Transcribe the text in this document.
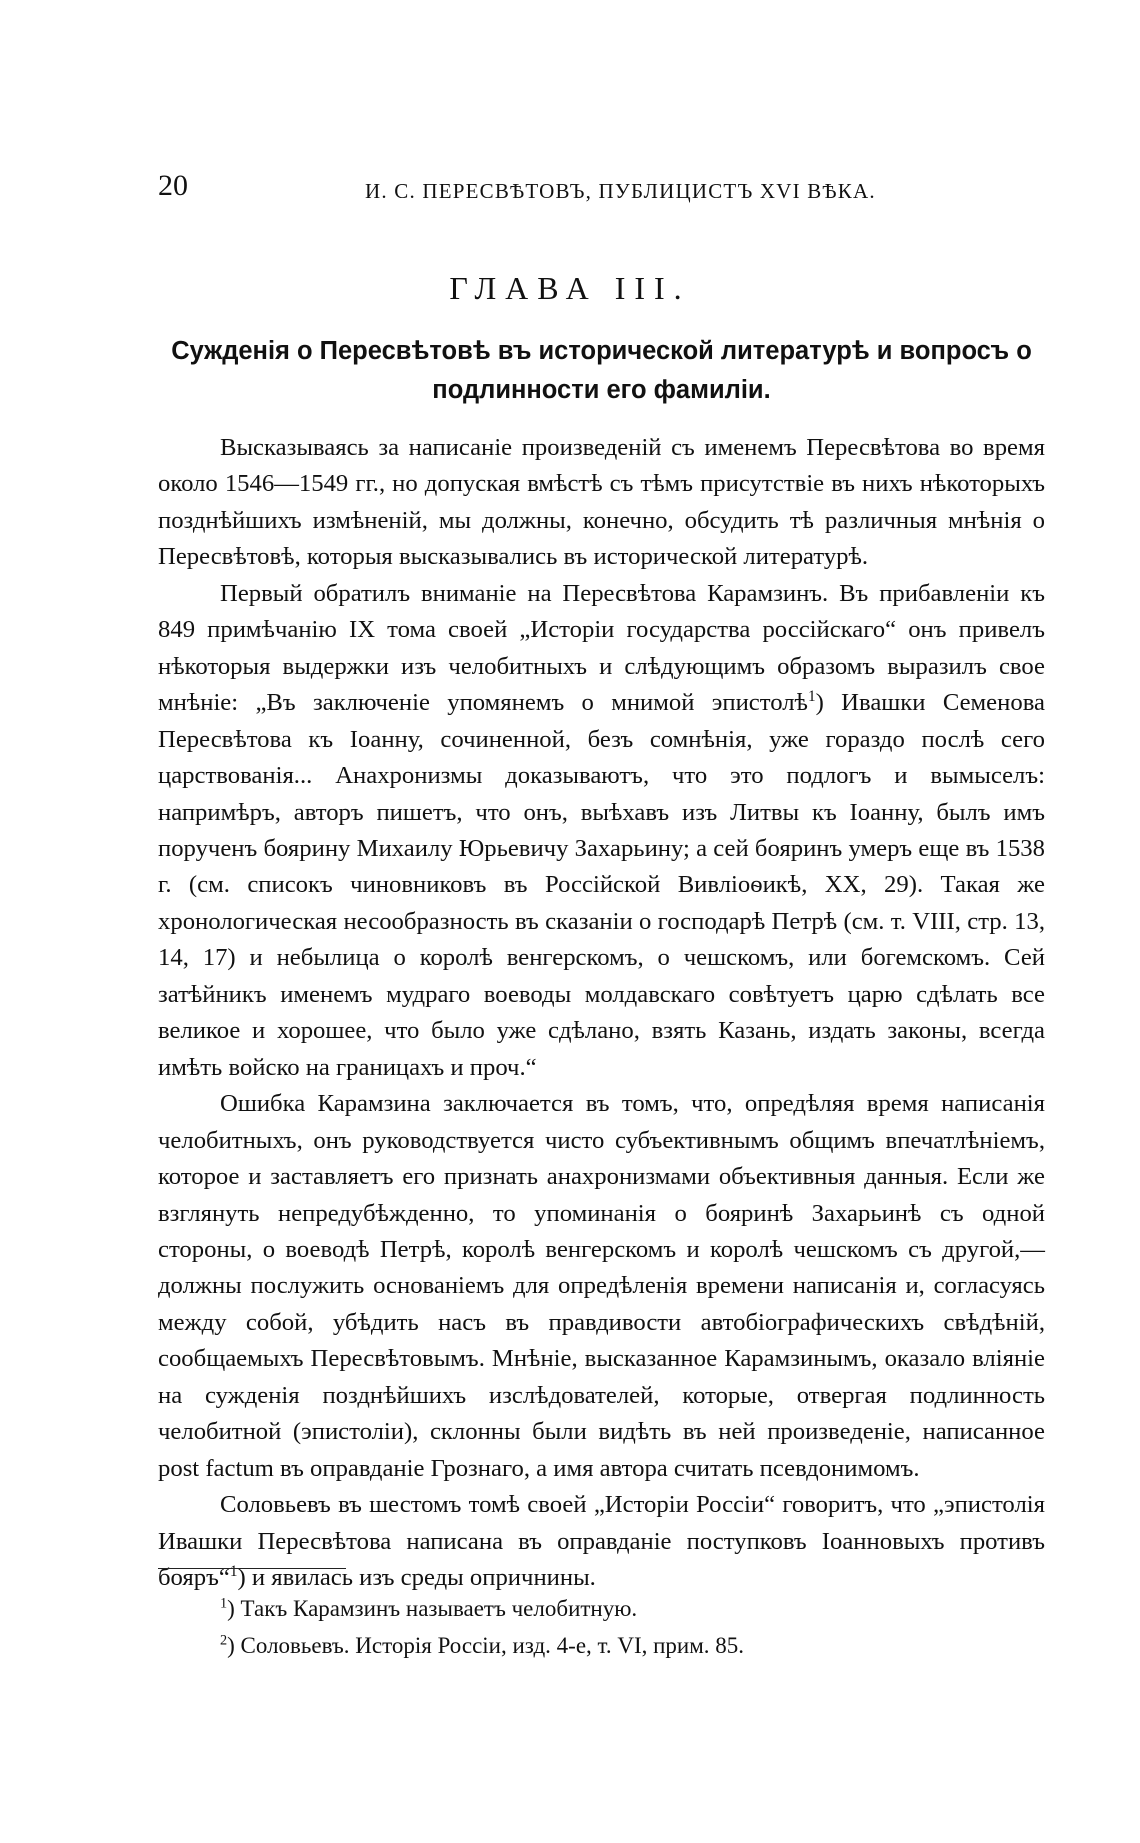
20	И. С. ПЕРЕСВѢТОВЪ, ПУБЛИЦИСТЪ XVI ВѢКА.
ГЛАВА III.
Сужденія о Пересвѣтовѣ въ исторической литературѣ и вопросъ о
подлинности его фамиліи.

Высказываясь за написаніе произведеній съ именемъ Пересвѣтова во время около 1546—1549 гг., но допуская вмѣстѣ съ тѣмъ присутствіе въ нихъ нѣкоторыхъ позднѣйшихъ измѣненій, мы должны, конечно, обсудить тѣ различныя мнѣнія о Пересвѣтовѣ, которыя высказывались въ исторической литературѣ.

Первый обратилъ вниманіе на Пересвѣтова Карамзинъ. Въ прибавленіи къ 849 примѣчанію IX тома своей „Исторіи государства россійскаго“ онъ привелъ нѣкоторыя выдержки изъ челобитныхъ и слѣдующимъ образомъ выразилъ свое мнѣніе: „Въ заключеніе упомянемъ о мнимой эпистолѣ$^1$) Ивашки Семенова Пересвѣтова къ Іоанну, сочиненной, безъ сомнѣнія, уже гораздо послѣ сего царствованія... Анахронизмы доказываютъ, что это подлогъ и вымыселъ: напримѣръ, авторъ пишетъ, что онъ, выѣхавъ изъ Литвы къ Іоанну, былъ имъ порученъ боярину Михаилу Юрьевичу Захарьину; а сей бояринъ умеръ еще въ 1538 г. (см. списокъ чиновниковъ въ Россійской Вивліоѳикѣ, XX, 29). Такая же хронологическая несообразность въ сказаніи о господарѣ Петрѣ (см. т. VIII, стр. 13, 14, 17) и небылица о королѣ венгерскомъ, о чешскомъ, или богемскомъ. Сей затѣйникъ именемъ мудраго воеводы молдавскаго совѣтуетъ царю сдѣлать все великое и хорошее, что было уже сдѣлано, взять Казань, издать законы, всегда имѣть войско на границахъ и проч.“

Ошибка Карамзина заключается въ томъ, что, опредѣляя время написанія челобитныхъ, онъ руководствуется чисто субъективнымъ общимъ впечатлѣніемъ, которое и заставляетъ его признать анахронизмами объективныя данныя. Если же взглянуть непредубѣжденно, то упоминанія о бояринѣ Захарьинѣ съ одной стороны, о воеводѣ Петрѣ, королѣ венгерскомъ и королѣ чешскомъ съ другой,—должны послужить основаніемъ для опредѣленія времени написанія и, согласуясь между собой, убѣдить насъ въ правдивости автобіографическихъ свѣдѣній, сообщаемыхъ Пересвѣтовымъ. Мнѣніе, высказанное Карамзинымъ, оказало вліяніе на сужденія позднѣйшихъ изслѣдователей, которые, отвергая подлинность челобитной (эпистоліи), склонны были видѣть въ ней произведеніе, написанное post factum въ оправданіе Грознаго, а имя автора считать псевдонимомъ.

Соловьевъ въ шестомъ томѣ своей „Исторіи Россіи“ говоритъ, что „эпистолія Ивашки Пересвѣтова написана въ оправданіе поступковъ Іоанновыхъ противъ бояръ“$^1$) и явилась изъ среды опричнины.

$^1$) Такъ Карамзинъ называетъ челобитную.

$^2$) Соловьевъ. Исторія Россіи, изд. 4-е, т. VI, прим. 85.
